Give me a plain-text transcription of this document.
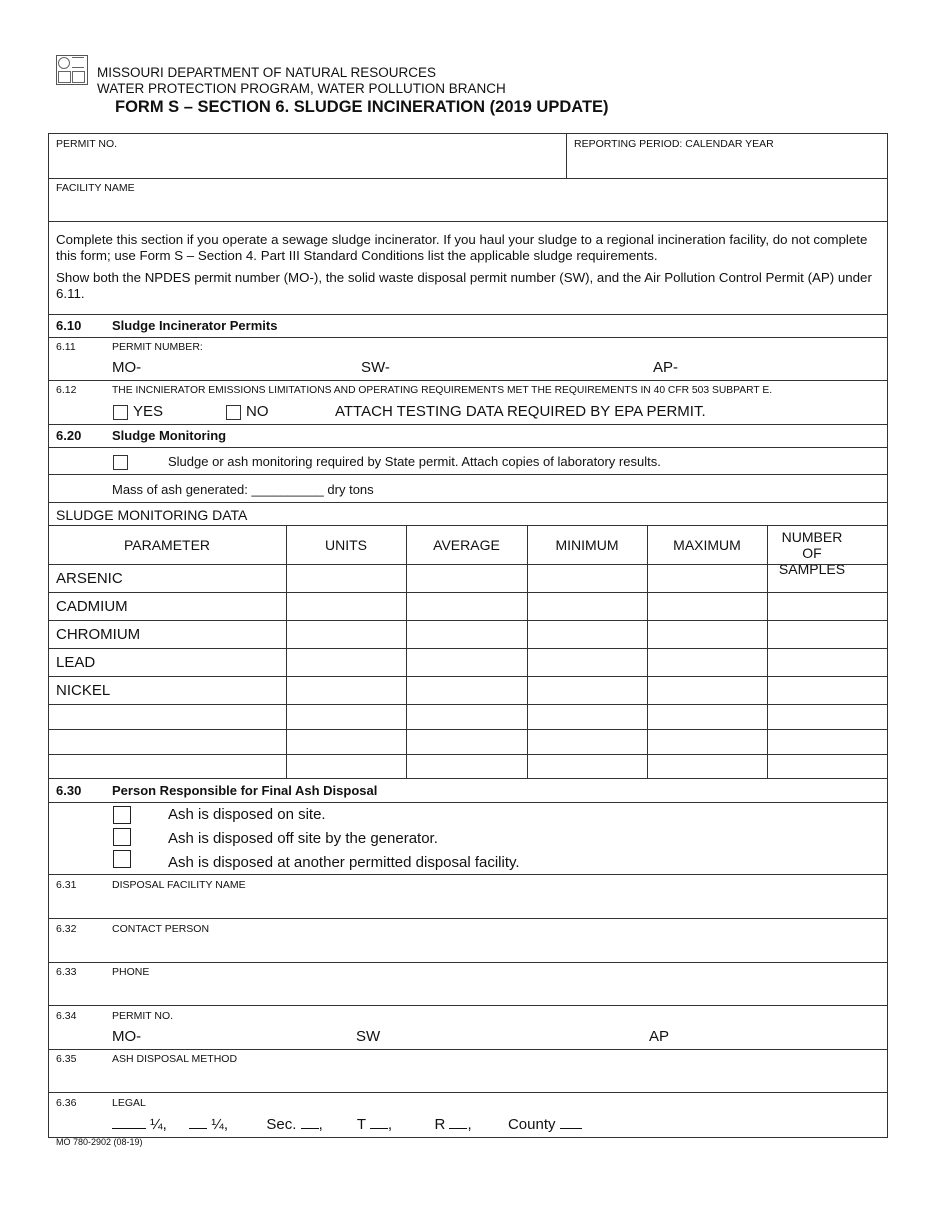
MISSOURI DEPARTMENT OF NATURAL RESOURCES
WATER PROTECTION PROGRAM, WATER POLLUTION BRANCH
FORM S – SECTION 6. SLUDGE INCINERATION (2019 UPDATE)
PERMIT NO.	REPORTING PERIOD: CALENDAR YEAR
FACILITY NAME
Complete this section if you operate a sewage sludge incinerator. If you haul your sludge to a regional incineration facility, do not complete this form; use Form S – Section 4. Part III Standard Conditions list the applicable sludge requirements.
Show both the NPDES permit number (MO-), the solid waste disposal permit number (SW), and the Air Pollution Control Permit (AP) under 6.11.
6.10 Sludge Incinerator Permits
6.11	PERMIT NUMBER:
MO-	SW-	AP-
6.12	THE INCNIERATOR EMISSIONS LIMITATIONS AND OPERATING REQUIREMENTS MET THE REQUIREMENTS IN 40 CFR 503 SUBPART E.
YES	NO	ATTACH TESTING DATA REQUIRED BY EPA PERMIT.
6.20 Sludge Monitoring
Sludge or ash monitoring required by State permit. Attach copies of laboratory results.
Mass of ash generated: __________ dry tons
SLUDGE MONITORING DATA
PARAMETER	UNITS	AVERAGE	MINIMUM	MAXIMUM	NUMBER OF SAMPLES
ARSENIC
CADMIUM
CHROMIUM
LEAD
NICKEL
6.30 Person Responsible for Final Ash Disposal
Ash is disposed on site.
Ash is disposed off site by the generator.
Ash is disposed at another permitted disposal facility.
6.31	DISPOSAL FACILITY NAME
6.32	CONTACT PERSON
6.33	PHONE
6.34	PERMIT NO.
MO-	SW	AP
6.35	ASH DISPOSAL METHOD
6.36	LEGAL
¼,	¼,	Sec. , T ,	R , County
MO 780-2902 (08-19)
